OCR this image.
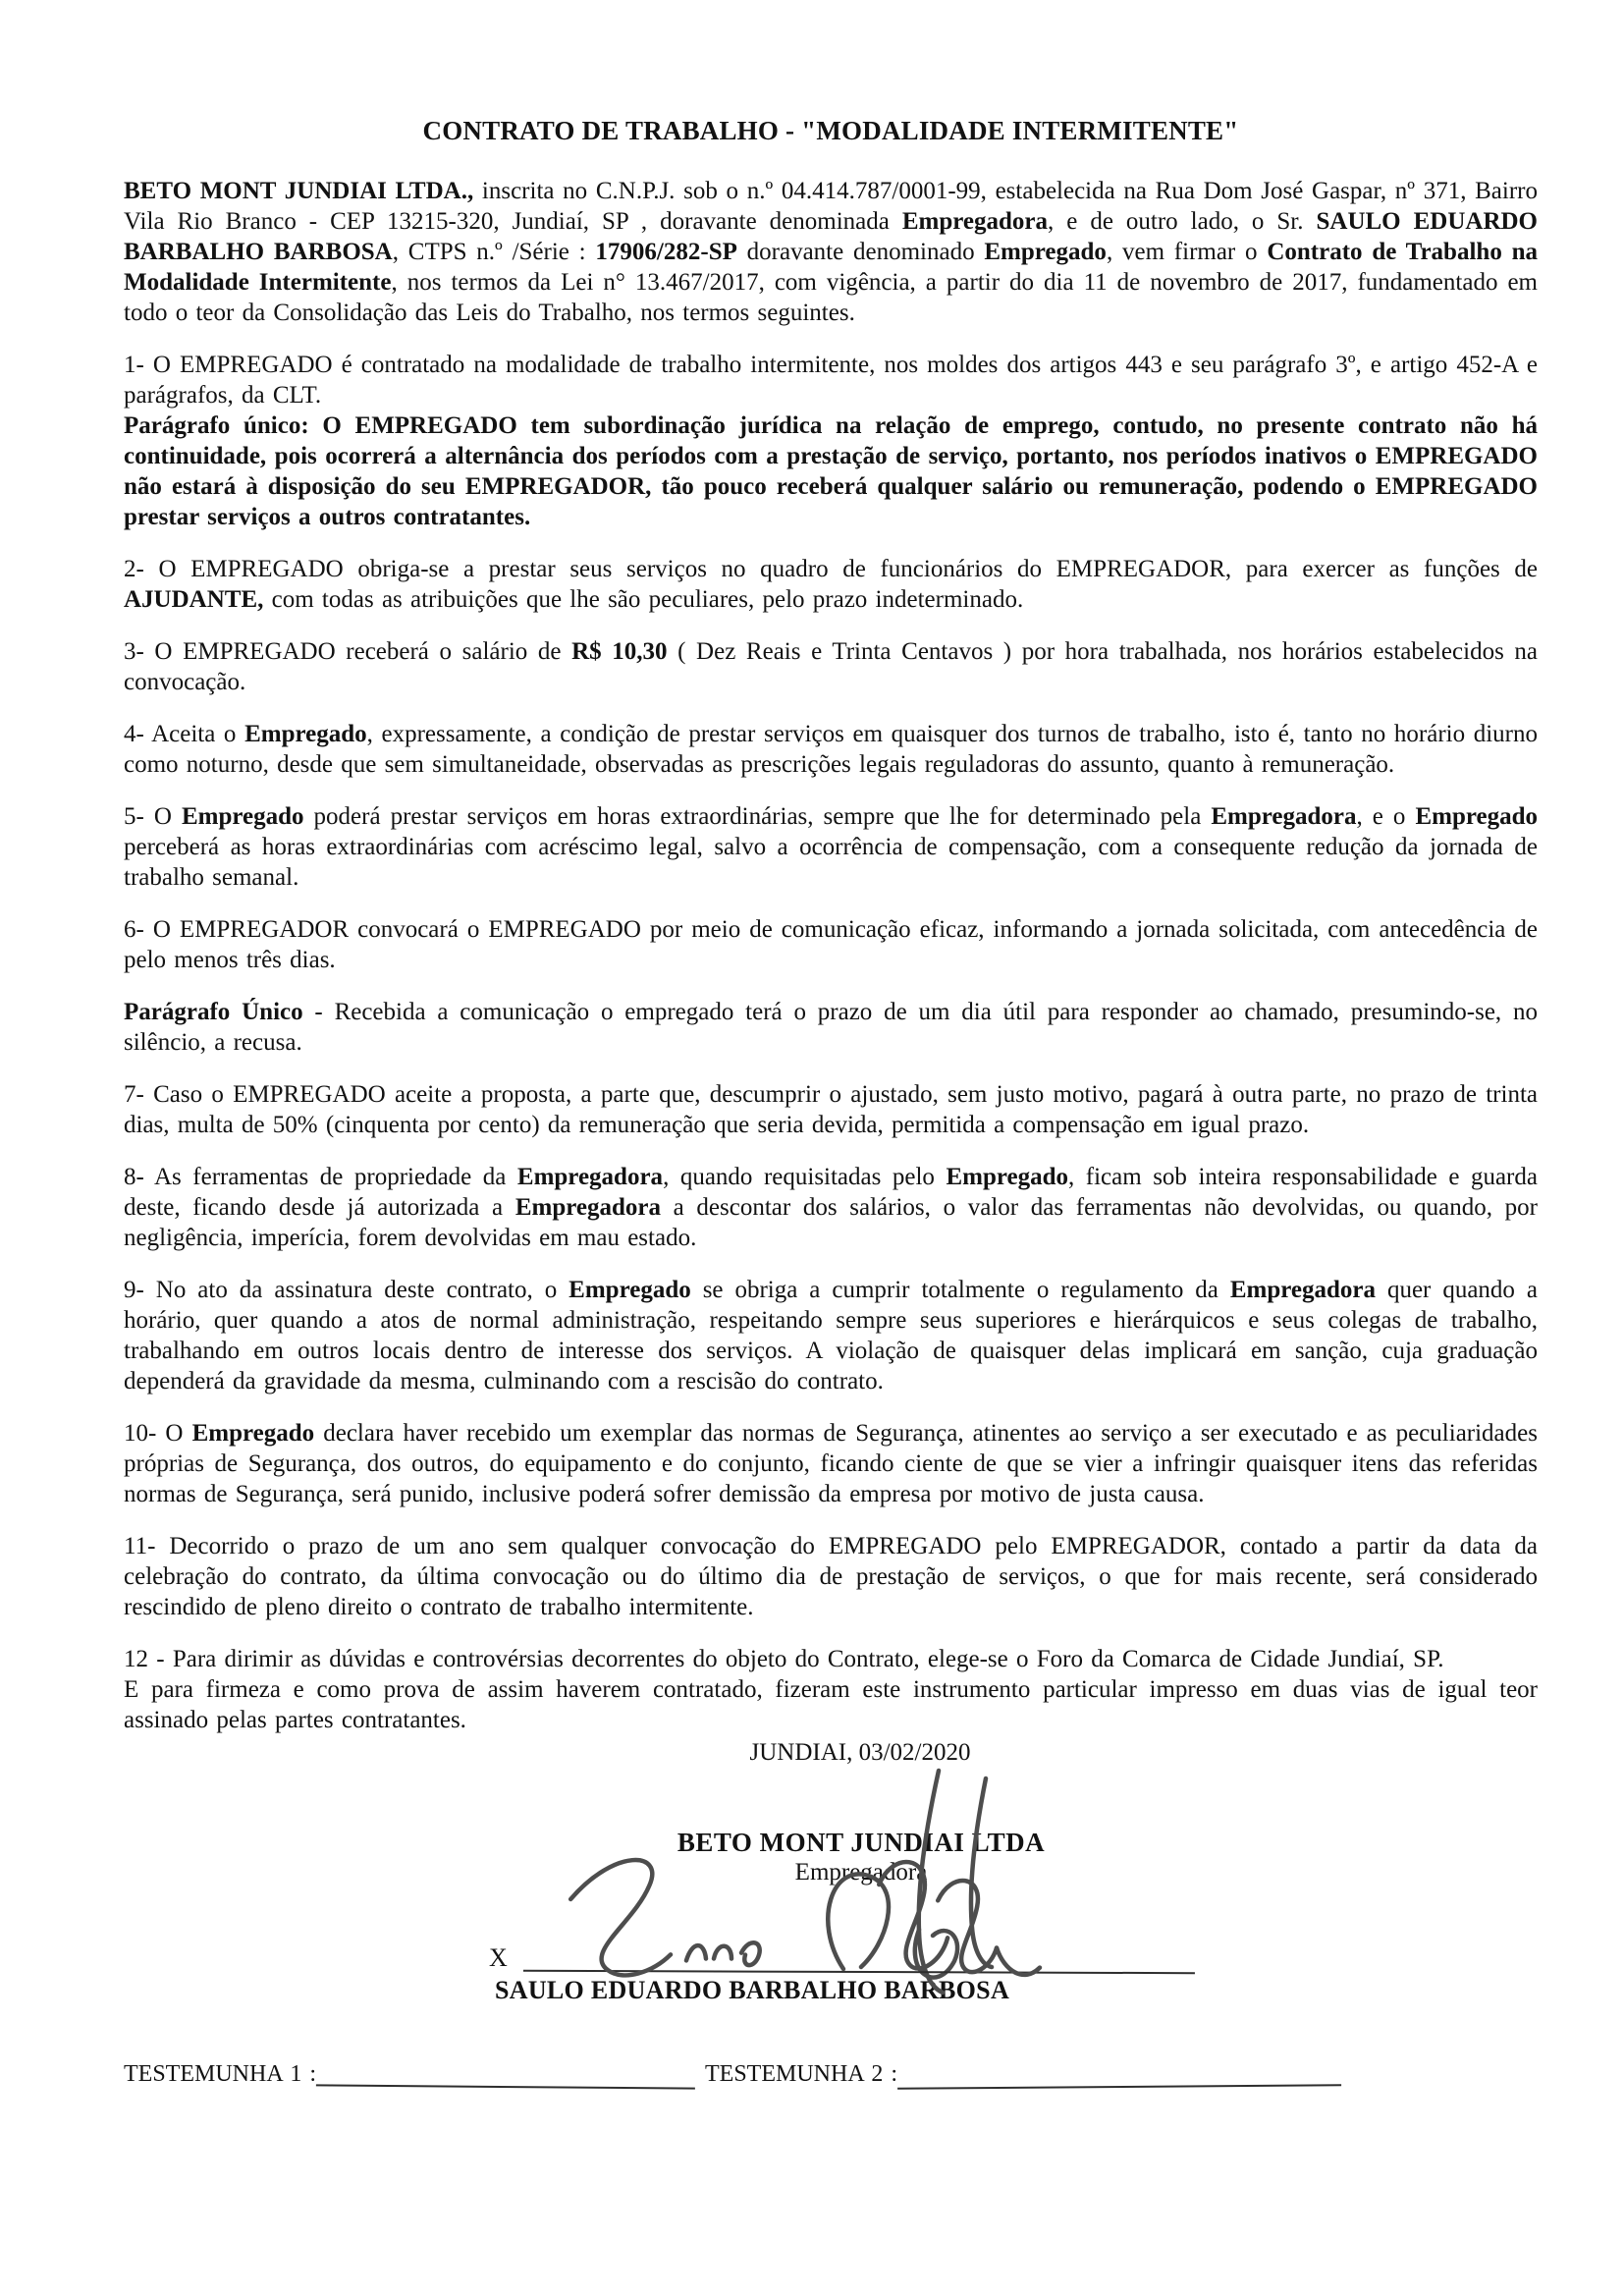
CONTRATO DE TRABALHO - "MODALIDADE INTERMITENTE"
BETO MONT JUNDIAI LTDA., inscrita no C.N.P.J. sob o n.º 04.414.787/0001-99, estabelecida na Rua Dom José Gaspar, nº 371, Bairro Vila Rio Branco - CEP 13215-320, Jundiaí, SP , doravante denominada Empregadora, e de outro lado, o Sr. SAULO EDUARDO BARBALHO BARBOSA, CTPS n.º /Série : 17906/282-SP doravante denominado Empregado, vem firmar o Contrato de Trabalho na Modalidade Intermitente, nos termos da Lei n° 13.467/2017, com vigência, a partir do dia 11 de novembro de 2017, fundamentado em todo o teor da Consolidação das Leis do Trabalho, nos termos seguintes.
1- O EMPREGADO é contratado na modalidade de trabalho intermitente, nos moldes dos artigos 443 e seu parágrafo 3º, e artigo 452-A e parágrafos, da CLT.
Parágrafo único: O EMPREGADO tem subordinação jurídica na relação de emprego, contudo, no presente contrato não há continuidade, pois ocorrerá a alternância dos períodos com a prestação de serviço, portanto, nos períodos inativos o EMPREGADO não estará à disposição do seu EMPREGADOR, tão pouco receberá qualquer salário ou remuneração, podendo o EMPREGADO prestar serviços a outros contratantes.
2- O EMPREGADO obriga-se a prestar seus serviços no quadro de funcionários do EMPREGADOR, para exercer as funções de AJUDANTE, com todas as atribuições que lhe são peculiares, pelo prazo indeterminado.
3- O EMPREGADO receberá o salário de R$ 10,30 ( Dez Reais e Trinta Centavos ) por hora trabalhada, nos horários estabelecidos na convocação.
4- Aceita o Empregado, expressamente, a condição de prestar serviços em quaisquer dos turnos de trabalho, isto é, tanto no horário diurno como noturno, desde que sem simultaneidade, observadas as prescrições legais reguladoras do assunto, quanto à remuneração.
5- O Empregado poderá prestar serviços em horas extraordinárias, sempre que lhe for determinado pela Empregadora, e o Empregado perceberá as horas extraordinárias com acréscimo legal, salvo a ocorrência de compensação, com a consequente redução da jornada de trabalho semanal.
6- O EMPREGADOR convocará o EMPREGADO por meio de comunicação eficaz, informando a jornada solicitada, com antecedência de pelo menos três dias.
Parágrafo Único - Recebida a comunicação o empregado terá o prazo de um dia útil para responder ao chamado, presumindo-se, no silêncio, a recusa.
7- Caso o EMPREGADO aceite a proposta, a parte que, descumprir o ajustado, sem justo motivo, pagará à outra parte, no prazo de trinta dias, multa de 50% (cinquenta por cento) da remuneração que seria devida, permitida a compensação em igual prazo.
8- As ferramentas de propriedade da Empregadora, quando requisitadas pelo Empregado, ficam sob inteira responsabilidade e guarda deste, ficando desde já autorizada a Empregadora a descontar dos salários, o valor das ferramentas não devolvidas, ou quando, por negligência, imperícia, forem devolvidas em mau estado.
9- No ato da assinatura deste contrato, o Empregado se obriga a cumprir totalmente o regulamento da Empregadora quer quando a horário, quer quando a atos de normal administração, respeitando sempre seus superiores e hierárquicos e seus colegas de trabalho, trabalhando em outros locais dentro de interesse dos serviços. A violação de quaisquer delas implicará em sanção, cuja graduação dependerá da gravidade da mesma, culminando com a rescisão do contrato.
10- O Empregado declara haver recebido um exemplar das normas de Segurança, atinentes ao serviço a ser executado e as peculiaridades próprias de Segurança, dos outros, do equipamento e do conjunto, ficando ciente de que se vier a infringir quaisquer itens das referidas normas de Segurança, será punido, inclusive poderá sofrer demissão da empresa por motivo de justa causa.
11- Decorrido o prazo de um ano sem qualquer convocação do EMPREGADO pelo EMPREGADOR, contado a partir da data da celebração do contrato, da última convocação ou do último dia de prestação de serviços, o que for mais recente, será considerado rescindido de pleno direito o contrato de trabalho intermitente.
12 - Para dirimir as dúvidas e controvérsias decorrentes do objeto do Contrato, elege-se o Foro da Comarca de Cidade Jundiaí, SP.
E para firmeza e como prova de assim haverem contratado, fizeram este instrumento particular impresso em duas vias de igual teor assinado pelas partes contratantes.
JUNDIAI, 03/02/2020
BETO MONT JUNDIAI LTDA
Empregadora
X
SAULO EDUARDO BARBALHO BARBOSA
TESTEMUNHA 1 :	TESTEMUNHA 2 :
